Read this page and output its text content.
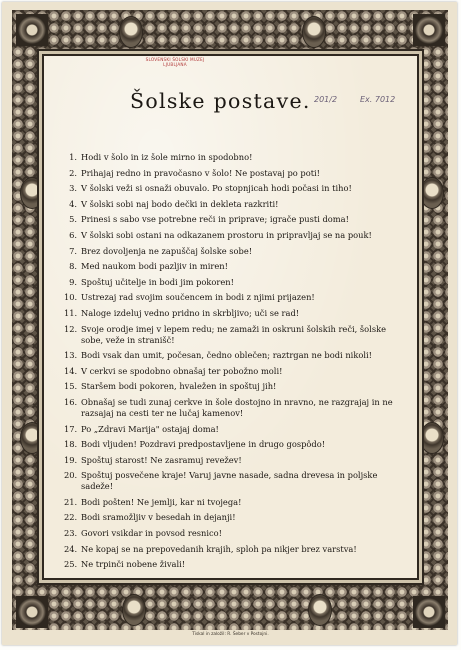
SLOVENSKI ŠOLSKI MUZEJ
LJUBLJANA
Šolske postave. 201/2	Ex. 7012
1. Hodi v šolo in iz šole mirno in spodobno!
2. Prihajaj redno in pravočasno v šolo! Ne postavaj po poti!
3. V šolski veži si osnaži obuvalo. Po stopnjicah hodi počasi in tiho!
4. V šolski sobi naj bodo dečki in dekleta razkriti!
5. Prinesi s sabo vse potrebne reči in pripravе; igrače pusti doma!
6. V šolski sobi ostani na odkazanem prostoru in pripravljaj se na pouk!
7. Brez dovoljenja ne zapuščaj šolske sobe!
8. Med naukom bodi pazljiv in miren!
9. Spoštuj učitelje in bodi jim pokoren!
10. Ustrezaj rad svojim součencem in bodi z njimi prijazen!
11. Naloge izdeluj vedno pridno in skrbljivo; uči se rad!
12. Svoje orodje imej v lepem redu; ne zamaži in oskruni šolskih reči, šolske sobe, veže in stranišč!
13. Bodi vsak dan umit, počesan, čedno oblečen; raztrgan ne bodi nikoli!
14. V cerkvi se spodobno obnašaj ter pobožno moli!
15. Staršem bodi pokoren, hvaležen in spoštuj jih!
16. Obnašaj se tudi zunaj cerkve in šole dostojno in nravno, ne razgrajaj in ne razsajaj na cesti ter ne lučaj kamenov!
17. Po „Zdravi Marija" ostajaj doma!
18. Bodi vljuden! Pozdravi predpostavljene in drugo gospôdo!
19. Spoštuj starost! Ne zasramuj revežev!
20. Spoštuj posvečene kraje! Varuj javne nasade, sadna drevesa in poljske sadeže!
21. Bodi pošten! Ne jemlji, kar ni tvojega!
22. Bodi sramožljiv v besedah in dejanji!
23. Govori vsikdar in povsod resnico!
24. Ne kopaj se na prepovedanih krajih, sploh pa nikjer brez varstva!
25. Ne trpinči nobene živali!
Tiskal in založil: R. Šeber v Postojni.
